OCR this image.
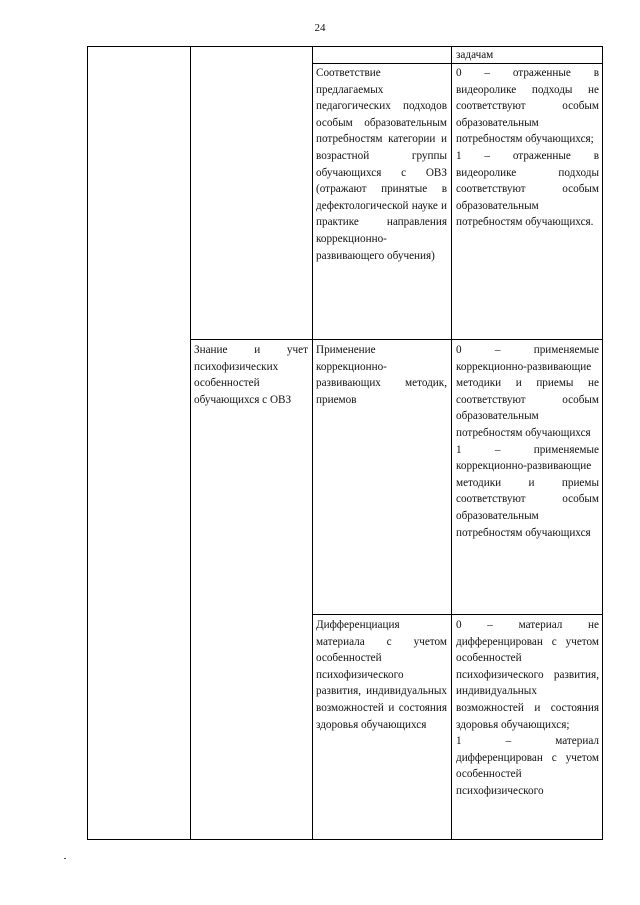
24

задачам

Соответствие предлагаемых педагогических подходов особым образовательным потребностям категории и возрастной группы обучающихся с ОВЗ (отражают принятые в дефектологической науке и практике направления коррекционно-развивающего обучения)

0 – отраженные в видеоролике подходы не соответствуют особым образовательным потребностям обучающихся;

1 – отраженные в видеоролике подходы соответствуют особым образовательным потребностям обучающихся.

Знание и учет психофизических особенностей обучающихся с ОВЗ

Применение коррекционно-развивающих методик, приемов

0 – применяемые коррекционно-развивающие методики и приемы не соответствуют особым образовательным потребностям обучающихся

1 – применяемые коррекционно-развивающие методики и приемы соответствуют особым образовательным потребностям обучающихся

Дифференциация материала с учетом особенностей психофизического развития, индивидуальных возможностей и состояния здоровья обучающихся

0 – материал не дифференцирован с учетом особенностей психофизического развития, индивидуальных возможностей и состояния здоровья обучающихся;

1 – материал дифференцирован с учетом особенностей психофизического
